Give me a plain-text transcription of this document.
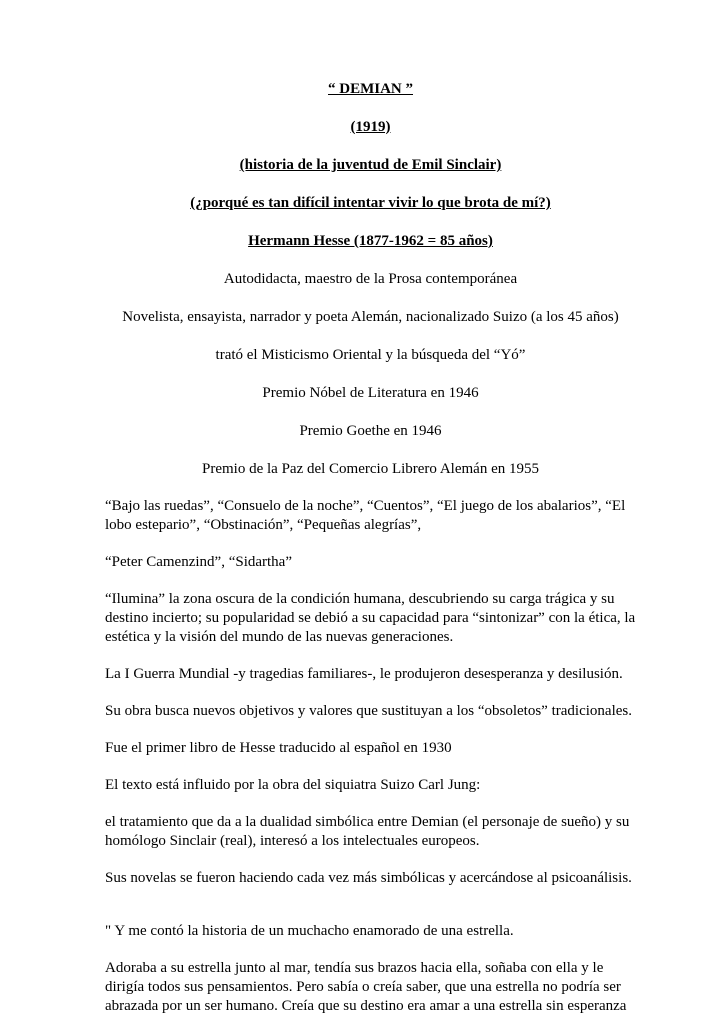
“ DEMIAN ”
(1919)
(historia de la juventud de Emil Sinclair)
(¿porqué es tan difícil intentar vivir lo que brota de mí?)
Hermann Hesse (1877-1962 = 85 años)
Autodidacta, maestro de la Prosa contemporánea
Novelista, ensayista, narrador y poeta Alemán, nacionalizado Suizo (a los 45 años)
trató el Misticismo Oriental y la búsqueda del “Yó”
Premio Nóbel de Literatura en 1946
Premio Goethe en 1946
Premio de la Paz del Comercio Librero Alemán en 1955
“Bajo las ruedas”, “Consuelo de la noche”, “Cuentos”, “El juego de los abalarios”, “El
lobo estepario”, “Obstinación”, “Pequeñas alegrías”,
“Peter Camenzind”, “Sidartha”
“Ilumina” la zona oscura de la condición humana, descubriendo su carga trágica y su
destino incierto; su popularidad se debió a su capacidad para “sintonizar” con la ética, la
estética y la visión del mundo de las nuevas generaciones.
La I Guerra Mundial -y tragedias familiares-, le produjeron desesperanza y desilusión.
Su obra busca nuevos objetivos y valores que sustituyan a los “obsoletos” tradicionales.
Fue el primer libro de Hesse traducido al español en 1930
El texto está influido por la obra del siquiatra Suizo Carl Jung:
el tratamiento que da a la dualidad simbólica entre Demian (el personaje de sueño) y su
homólogo Sinclair (real), interesó a los intelectuales europeos.
Sus novelas se fueron haciendo cada vez más simbólicas y acercándose al psicoanálisis.
" Y me contó la historia de un muchacho enamorado de una estrella.
Adoraba a su estrella junto al mar, tendía sus brazos hacia ella, soñaba con ella y le
dirigía todos sus pensamientos. Pero sabía o creía saber, que una estrella no podría ser
abrazada por un ser humano. Creía que su destino era amar a una estrella sin esperanza
